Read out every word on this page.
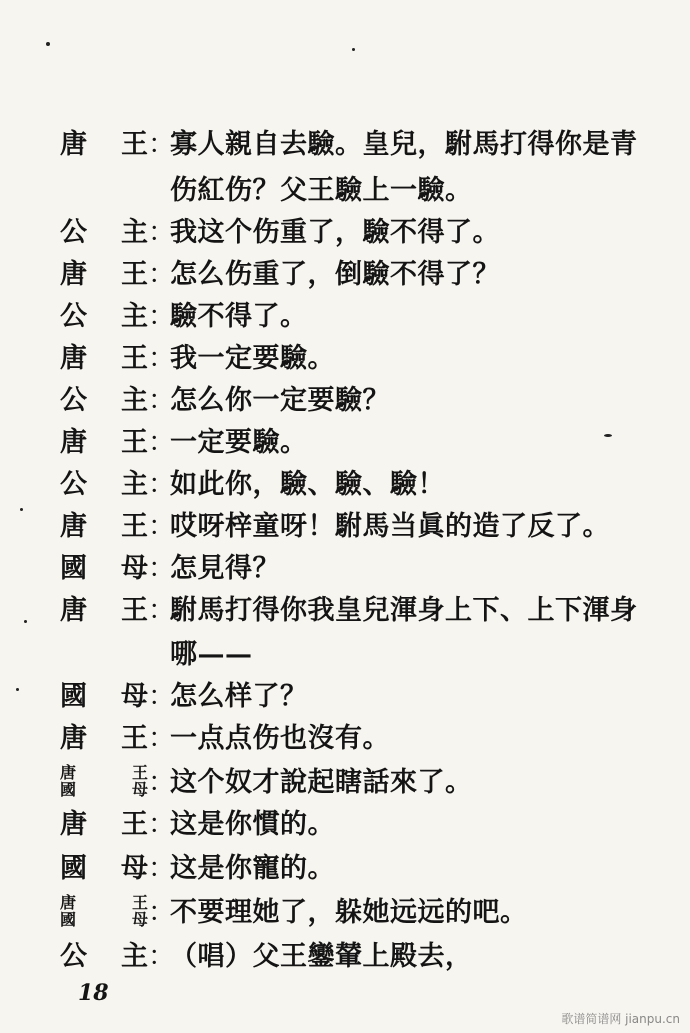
唐 王 ：
寡人親自去驗。皇兒，駙馬打得你是青
伤紅伤？父王驗上一驗。
公 主 ：
我这个伤重了，驗不得了。
唐 王 ：
怎么伤重了，倒驗不得了？
公 主 ：
驗不得了。
唐 王 ：
我一定要驗。
公 主 ：
怎么你一定要驗？
唐 王 ：
一定要驗。
公 主 ：
如此你，驗、驗、驗！
唐 王 ：
哎呀梓童呀！駙馬当眞的造了反了。
國 母 ：
怎見得？
唐 王 ：
駙馬打得你我皇兒渾身上下、上下渾身
哪——
國 母 ：
怎么样了？
唐 王 ：
一点点伤也沒有。
唐
國
王
母 ：
这个奴才說起瞎話來了。
唐 王 ：
这是你慣的。
國 母 ：
这是你寵的。
唐
國
王
母 ：
不要理她了，躲她远远的吧。
公 主 ：
（唱）父王鑾輦上殿去，
18
歌谱简谱网 jianpu.cn
